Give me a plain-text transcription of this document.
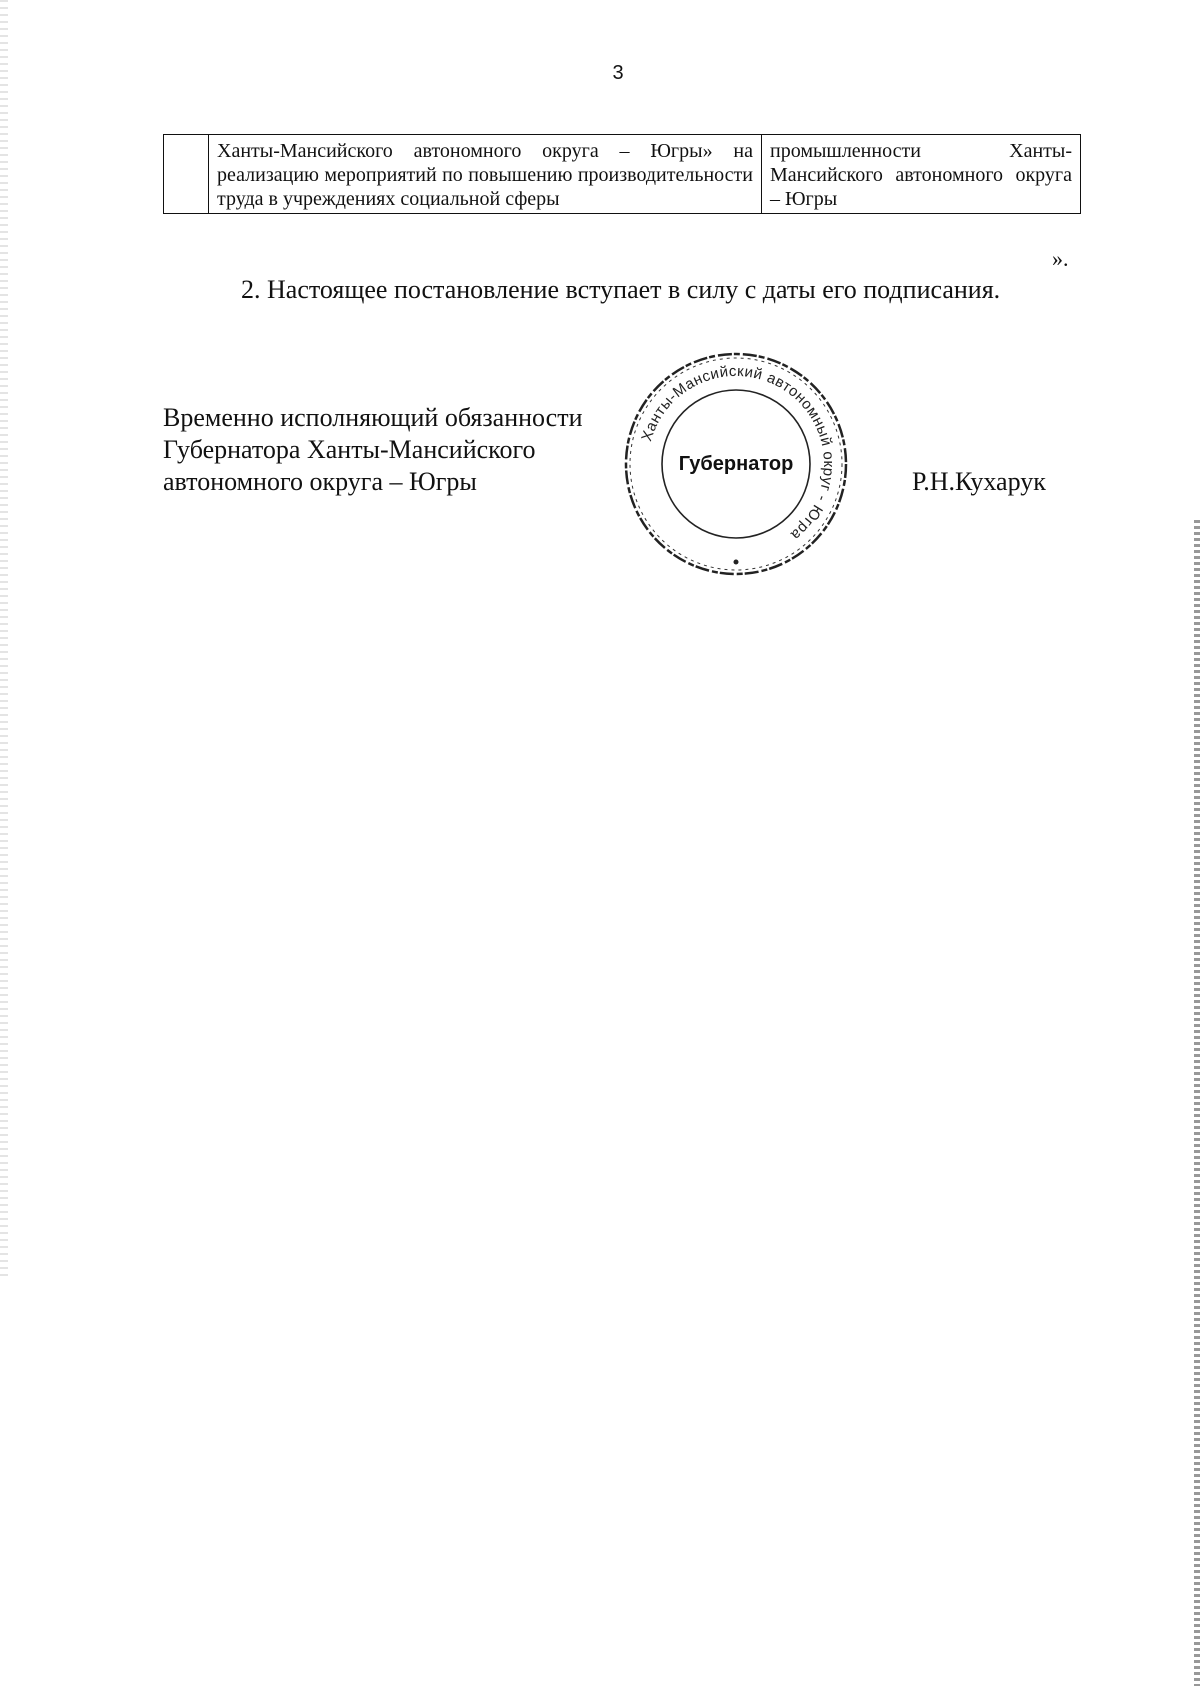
3
	Ханты-Мансийского автономного округа – Югры» на реализацию мероприятий по повышению производительности труда в учреждениях социальной сферы	промышленности Ханты-Мансийского автономного округа – Югры
».
2. Настоящее постановление вступает в силу с даты его подписания.
Временно исполняющий обязанности
Губернатора Ханты-Мансийского
автономного округа – Югры	Р.Н.Кухарук
Ханты-Мансийский автономный округ - Югра
Губернатор
